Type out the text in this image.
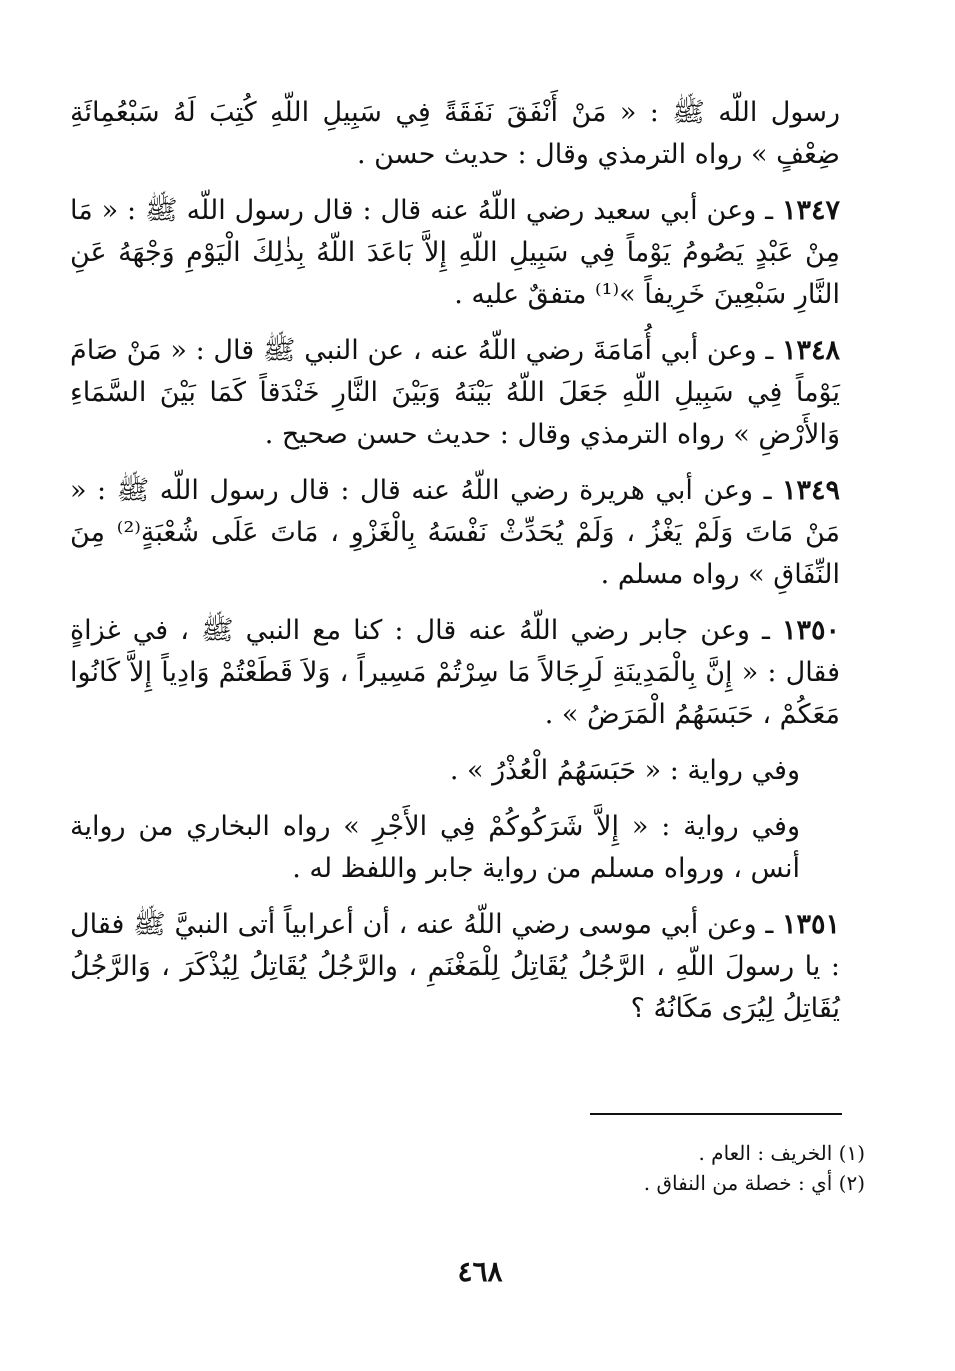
رسول اللّه ﷺ : « مَنْ أَنْفَقَ نَفَقَةً فِي سَبِيلِ اللّهِ كُتِبَ لَهُ سَبْعُمِائَةِ ضِعْفٍ » رواه الترمذي وقال : حديث حسن .

١٣٤٧ ـ وعن أبي سعيد رضي اللّهُ عنه قال : قال رسول اللّه ﷺ : « مَا مِنْ عَبْدٍ يَصُومُ يَوْماً فِي سَبِيلِ اللّهِ إِلاَّ بَاعَدَ اللّهُ بِذٰلِكَ الْيَوْمِ وَجْهَهُ عَنِ النَّارِ سَبْعِينَ خَرِيفاً »⁽¹⁾ متفقٌ عليه .

١٣٤٨ ـ وعن أبي أُمَامَةَ رضي اللّهُ عنه ، عن النبي ﷺ قال : « مَنْ صَامَ يَوْماً فِي سَبِيلِ اللّهِ جَعَلَ اللّهُ بَيْنَهُ وَبَيْنَ النَّارِ خَنْدَقاً كَمَا بَيْنَ السَّمَاءِ وَالأَرْضِ » رواه الترمذي وقال : حديث حسن صحيح .

١٣٤٩ ـ وعن أبي هريرة رضي اللّهُ عنه قال : قال رسول اللّه ﷺ : « مَنْ مَاتَ وَلَمْ يَغْزُ ، وَلَمْ يُحَدِّثْ نَفْسَهُ بِالْغَزْوِ ، مَاتَ عَلَى شُعْبَةٍ⁽²⁾ مِنَ النِّفَاقِ » رواه مسلم .

١٣٥٠ ـ وعن جابر رضي اللّهُ عنه قال : كنا مع النبي ﷺ ، في غزاةٍ فقال : « إِنَّ بِالْمَدِينَةِ لَرِجَالاً مَا سِرْتُمْ مَسِيراً ، وَلاَ قَطَعْتُمْ وَادِياً إِلاَّ كَانُوا مَعَكُمْ ، حَبَسَهُمُ الْمَرَضُ » .

وفي رواية : « حَبَسَهُمُ الْعُذْرُ » .

وفي رواية : « إِلاَّ شَرَكُوكُمْ فِي الأَجْرِ » رواه البخاري من رواية أنس ، ورواه مسلم من رواية جابر واللفظ له .

١٣٥١ ـ وعن أبي موسى رضي اللّهُ عنه ، أن أعرابياً أتى النبيَّ ﷺ فقال : يا رسولَ اللّهِ ، الرَّجُلُ يُقَاتِلُ لِلْمَغْنَمِ ، والرَّجُلُ يُقَاتِلُ لِيُذْكَرَ ، وَالرَّجُلُ يُقَاتِلُ لِيُرَى مَكَانُهُ ؟

(١) الخريف : العام .

(٢) أي : خصلة من النفاق .

٤٦٨
